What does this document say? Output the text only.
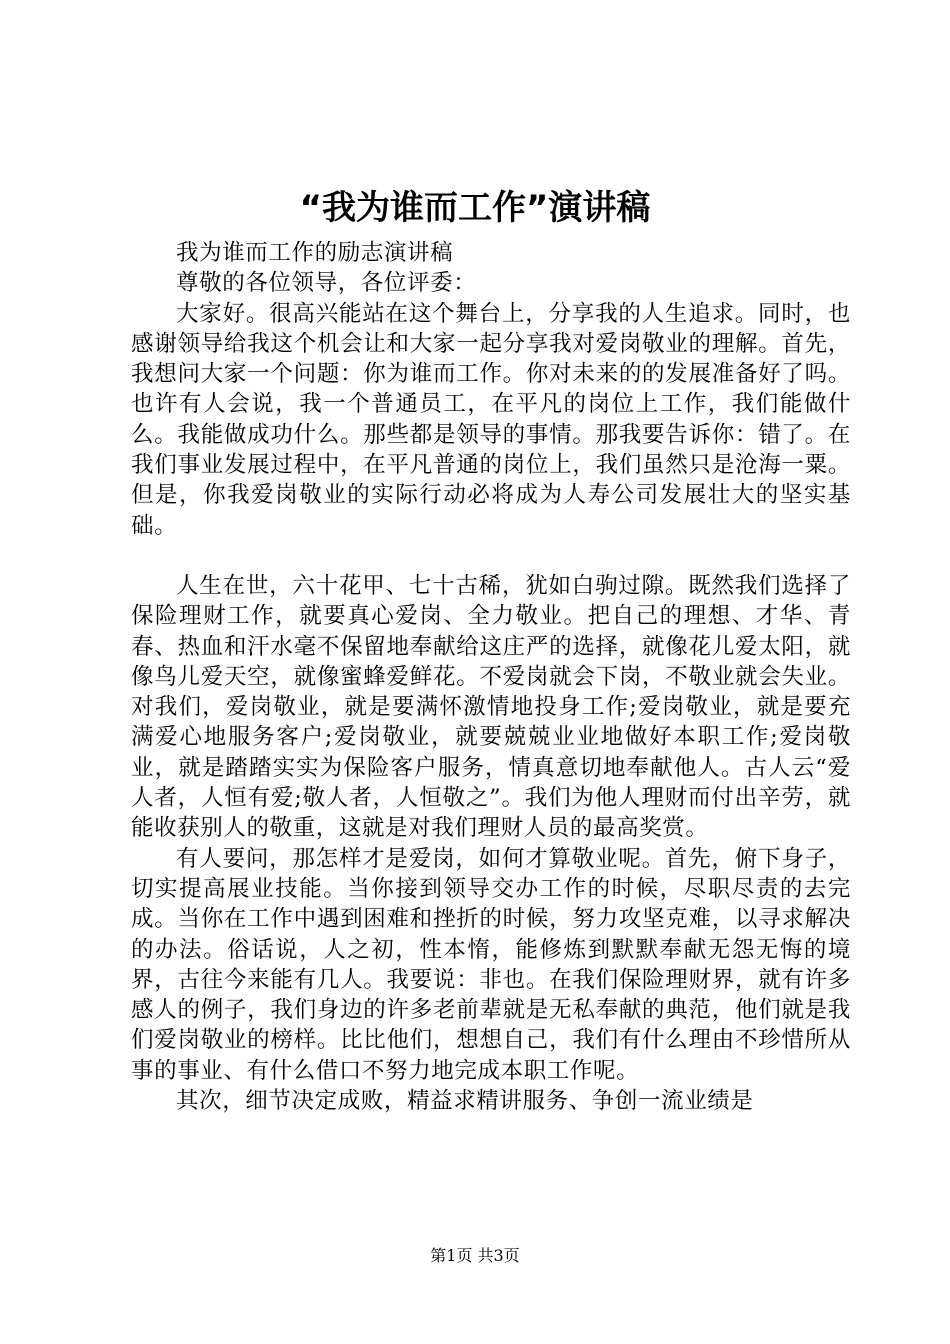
“我为谁而工作”演讲稿

我为谁而工作的励志演讲稿

尊敬的各位领导，各位评委：

大家好。很高兴能站在这个舞台上，分享我的人生追求。同时，也感谢领导给我这个机会让和大家一起分享我对爱岗敬业的理解。首先，我想问大家一个问题：你为谁而工作。你对未来的的发展准备好了吗。也许有人会说，我一个普通员工，在平凡的岗位上工作，我们能做什么。我能做成功什么。那些都是领导的事情。那我要告诉你：错了。在我们事业发展过程中，在平凡普通的岗位上，我们虽然只是沧海一粟。但是，你我爱岗敬业的实际行动必将成为人寿公司发展壮大的坚实基础。

人生在世，六十花甲、七十古稀，犹如白驹过隙。既然我们选择了保险理财工作，就要真心爱岗、全力敬业。把自己的理想、才华、青春、热血和汗水毫不保留地奉献给这庄严的选择，就像花儿爱太阳，就像鸟儿爱天空，就像蜜蜂爱鲜花。不爱岗就会下岗，不敬业就会失业。对我们，爱岗敬业，就是要满怀激情地投身工作;爱岗敬业，就是要充满爱心地服务客户;爱岗敬业，就要兢兢业业地做好本职工作;爱岗敬业，就是踏踏实实为保险客户服务，情真意切地奉献他人。古人云“爱人者，人恒有爱;敬人者，人恒敬之”。我们为他人理财而付出辛劳，就能收获别人的敬重，这就是对我们理财人员的最高奖赏。

有人要问，那怎样才是爱岗，如何才算敬业呢。首先，俯下身子，切实提高展业技能。当你接到领导交办工作的时候，尽职尽责的去完成。当你在工作中遇到困难和挫折的时候，努力攻坚克难，以寻求解决的办法。俗话说，人之初，性本惰，能修炼到默默奉献无怨无悔的境界，古往今来能有几人。我要说：非也。在我们保险理财界，就有许多感人的例子，我们身边的许多老前辈就是无私奉献的典范，他们就是我们爱岗敬业的榜样。比比他们，想想自己，我们有什么理由不珍惜所从事的事业、有什么借口不努力地完成本职工作呢。

其次，细节决定成败，精益求精讲服务、争创一流业绩是

第1页 共3页
